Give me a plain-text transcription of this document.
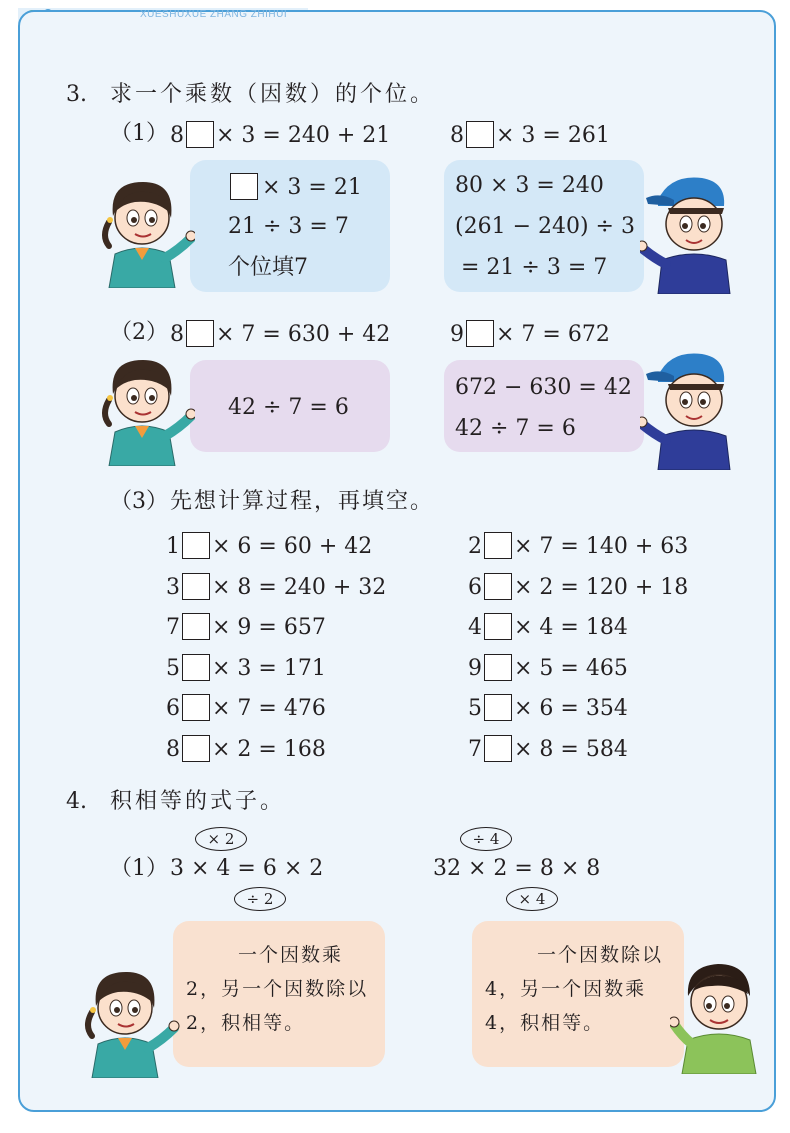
XUESHUXUE ZHANG ZHIHUI
3. 求一个乘数（因数）的个位。
（1） 8 × 3 = 240 + 21	8 × 3 = 261
× 3 = 21
21 ÷ 3 = 7
个位填7
80 × 3 = 240
(261 − 240) ÷ 3
= 21 ÷ 3 = 7
（2） 8 × 7 = 630 + 42	9 × 7 = 672
42 ÷ 7 = 6
672 − 630 = 42
42 ÷ 7 = 6
（3） 先想计算过程，再填空。
1 × 6 = 60 + 42
3 × 8 = 240 + 32
7 × 9 = 657
5 × 3 = 171
6 × 7 = 476
8 × 2 = 168
2 × 7 = 140 + 63
6 × 2 = 120 + 18
4 × 4 = 184
9 × 5 = 465
5 × 6 = 354
7 × 8 = 584
4. 积相等的式子。
（1） 3 × 4 = 6 × 2
× 2
÷ 2
32 × 2 = 8 × 8
÷ 4
× 4
一个因数乘2，另一个因数除以2，积相等。
一个因数除以4，另一个因数乘4，积相等。
